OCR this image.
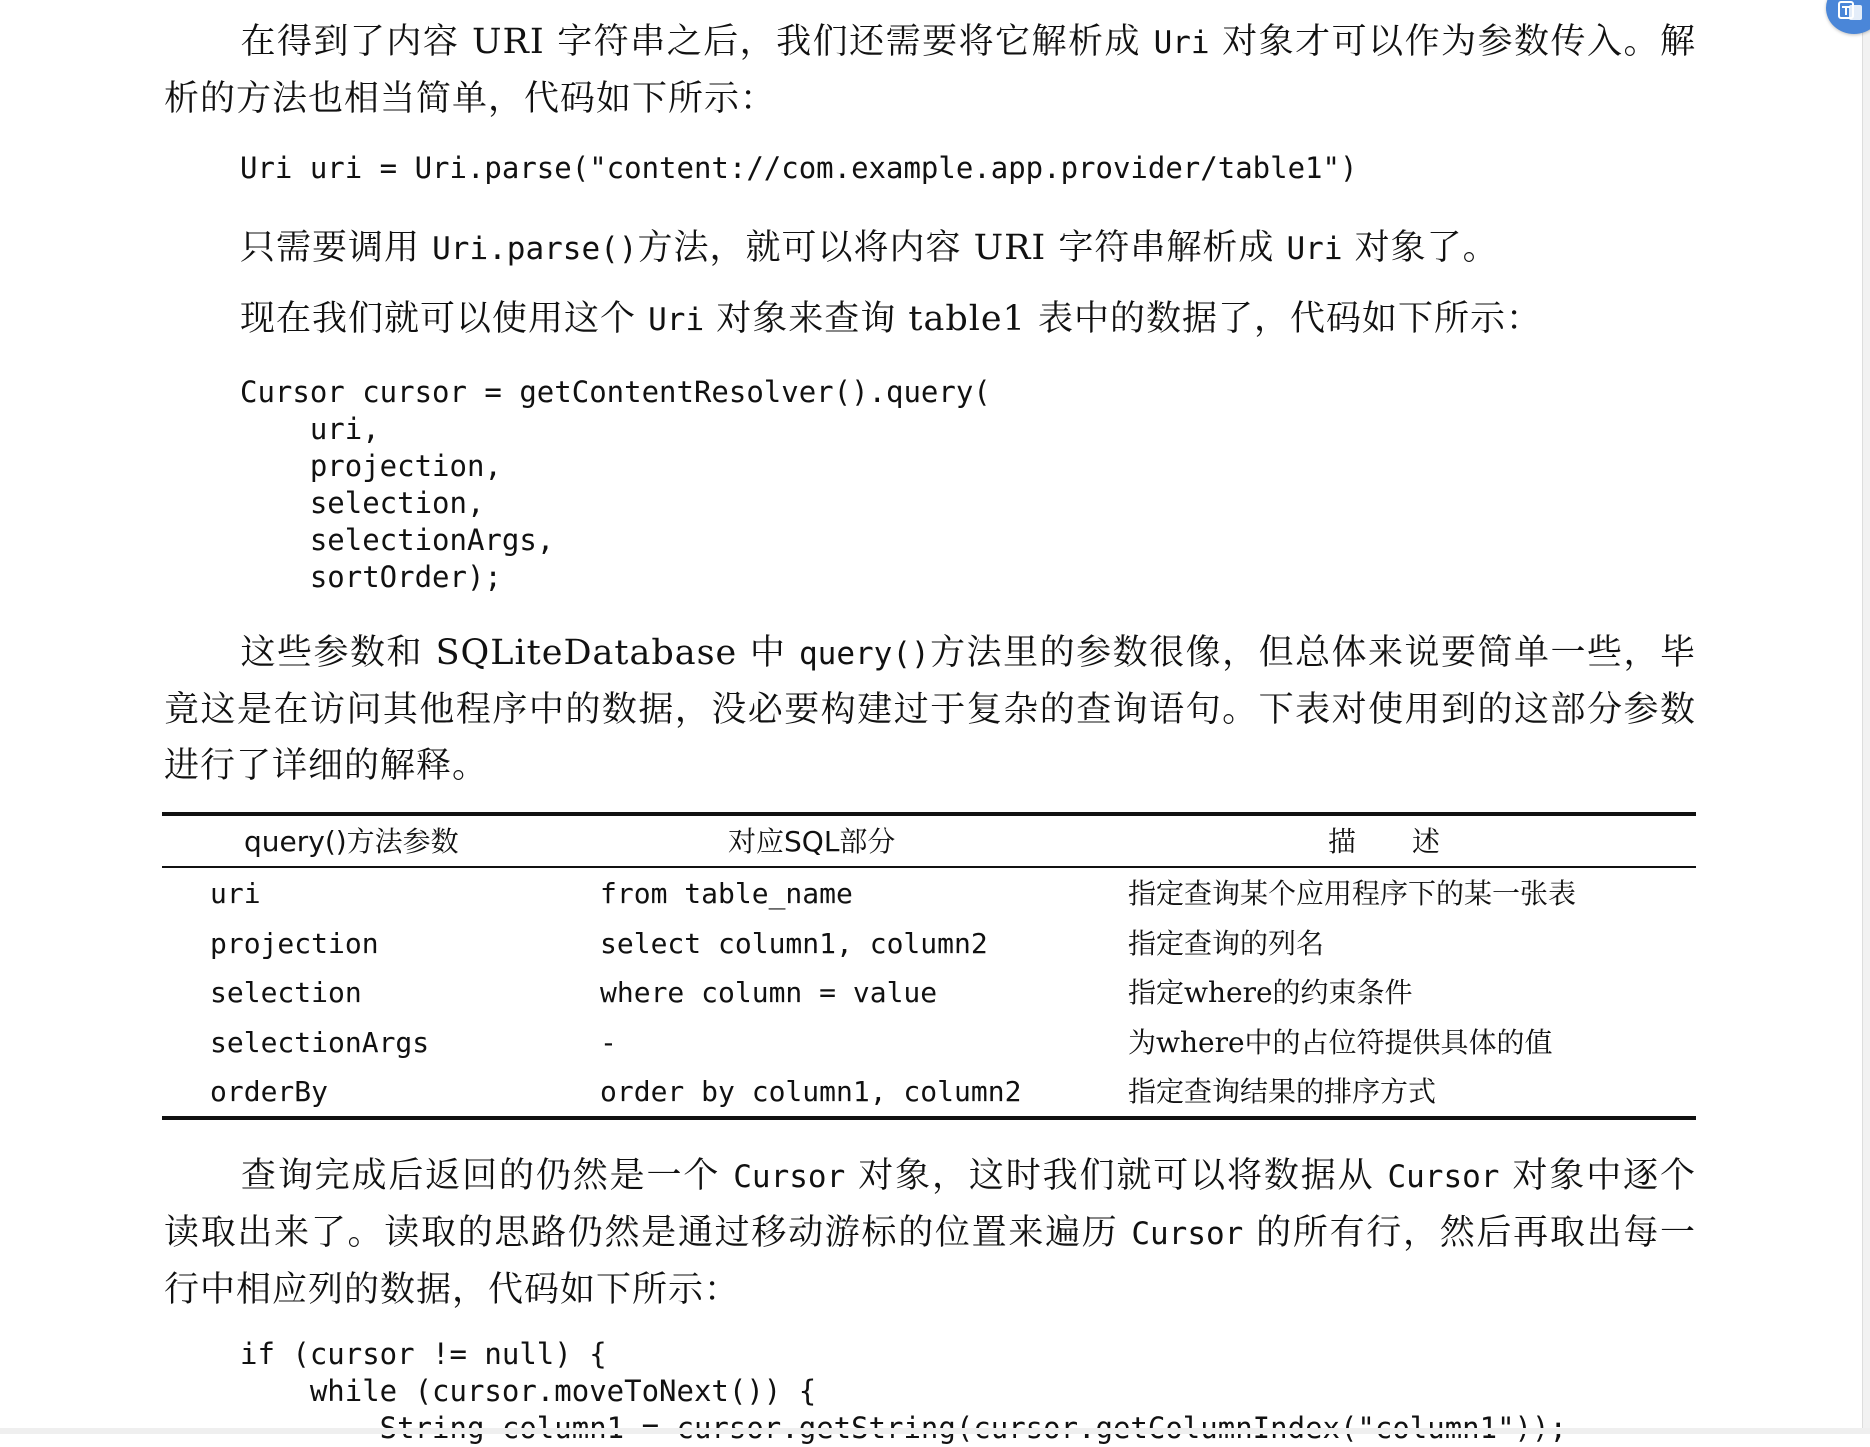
在得到了内容 URI 字符串之后，我们还需要将它解析成 Uri 对象才可以作为参数传入。解析的方法也相当简单，代码如下所示：

Uri uri = Uri.parse("content://com.example.app.provider/table1")

只需要调用 Uri.parse()方法，就可以将内容 URI 字符串解析成 Uri 对象了。

现在我们就可以使用这个 Uri 对象来查询 table1 表中的数据了，代码如下所示：

Cursor cursor = getContentResolver().query(
uri,
projection,
selection,
selectionArgs,
sortOrder);

这些参数和 SQLiteDatabase 中 query()方法里的参数很像，但总体来说要简单一些，毕竟这是在访问其他程序中的数据，没必要构建过于复杂的查询语句。下表对使用到的这部分参数进行了详细的解释。

query()方法参数	对应SQL部分	描　　述
uri	from table_name	指定查询某个应用程序下的某一张表
projection	select column1, column2	指定查询的列名
selection	where column = value	指定where的约束条件
selectionArgs	-	为where中的占位符提供具体的值
orderBy	order by column1, column2	指定查询结果的排序方式

查询完成后返回的仍然是一个 Cursor 对象，这时我们就可以将数据从 Cursor 对象中逐个读取出来了。读取的思路仍然是通过移动游标的位置来遍历 Cursor 的所有行，然后再取出每一行中相应列的数据，代码如下所示：

if (cursor != null) {
while (cursor.moveToNext()) {
